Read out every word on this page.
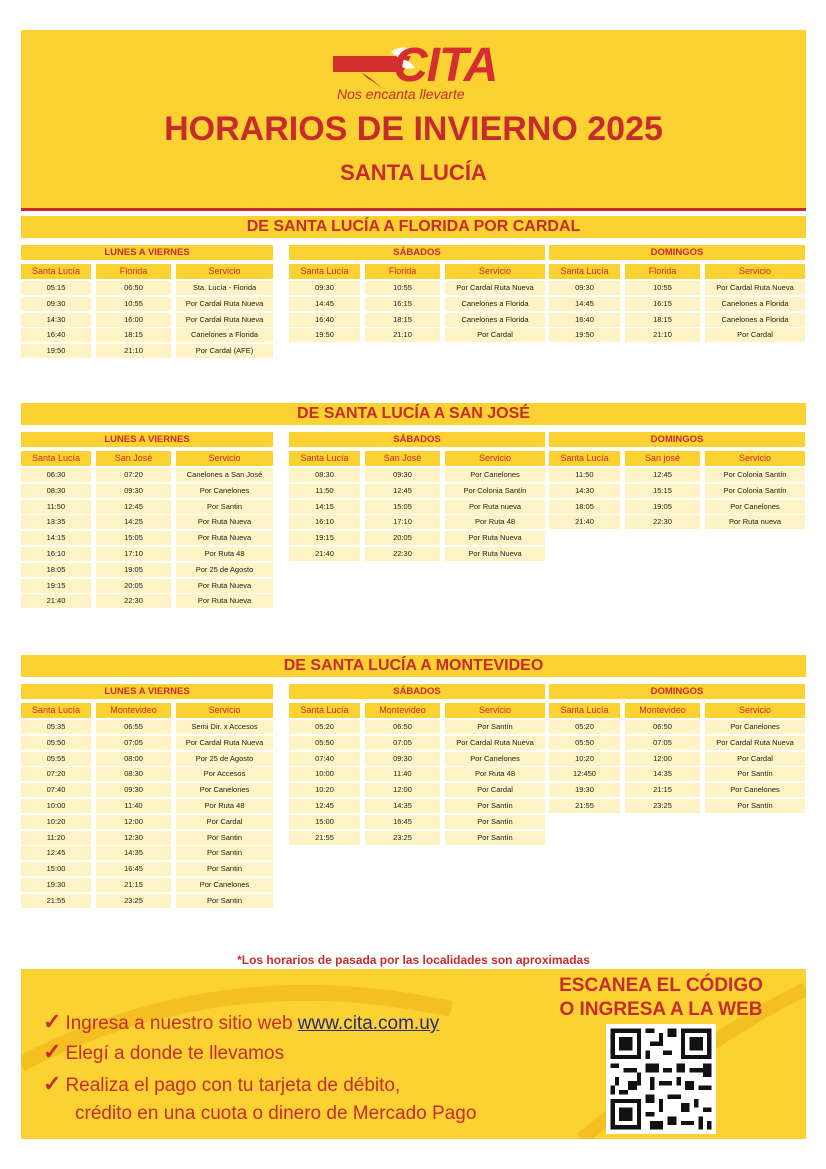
CITA
Nos encanta llevarte
HORARIOS DE INVIERNO 2025
SANTA LUCÍA
DE SANTA LUCÍA A FLORIDA POR CARDAL
LUNES A VIERNES
Santa Lucía	Florida	Servicio
05:15	06:50	Sta. Lucía - Florida
09:30	10:55	Por Cardal Ruta Nueva
14:30	16:00	Por Cardal Ruta Nueva
16:40	18:15	Canelones a Florida
19:50	21:10	Por Cardal (AFE)
SÁBADOS
Santa Lucía	Florida	Servicio
09:30	10:55	Por Cardal Ruta Nueva
14:45	16:15	Canelones a Florida
16:40	18:15	Canelones a Florida
19:50	21:10	Por Cardal
DOMINGOS
Santa Lucía	Florida	Servicio
09:30	10:55	Por Cardal Ruta Nueva
14:45	16:15	Canelones a Florida
16:40	18:15	Canelones a Florida
19:50	21:10	Por Cardal
DE SANTA LUCÍA A SAN JOSÉ
LUNES A VIERNES
Santa Lucía	San José	Servicio
06:30	07:20	Canelones a San José
08:30	09:30	Por Canelones
11:50	12:45	Por Santin
13:35	14:25	Por Ruta Nueva
14:15	15:05	Por Ruta Nueva
16:10	17:10	Por Ruta 48
18:05	19:05	Por 25 de Agosto
19:15	20:05	Por Ruta Nueva
21:40	22:30	Por Ruta Nueva
SÁBADOS
Santa Lucía	San José	Servicio
08:30	09:30	Por Canelones
11:50	12:45	Por Colonia Santín
14:15	15:05	Por Ruta nueva
16:10	17:10	Por Ruta 48
19:15	20:05	Por Ruta Nueva
21:40	22:30	Por Ruta Nueva
DOMINGOS
Santa Lucía	San josé	Servicio
11:50	12:45	Por Colonia Santín
14:30	15:15	Por Colonia Santín
18:05	19:05	Por Canelones
21:40	22:30	Por Ruta nueva
DE SANTA LUCÍA A MONTEVIDEO
LUNES A VIERNES
Santa Lucía	Montevideo	Servicio
05:35	06:55	Semi Dir. x Accesos
05:50	07:05	Por Cardal Ruta Nueva
05:55	08:00	Por 25 de Agosto
07:20	08:30	Por Accesos
07:40	09:30	Por Canelones
10:00	11:40	Por Ruta 48
10:20	12:00	Por Cardal
11:20	12:30	Por Santin
12:45	14:35	Por Santin
15:00	16:45	Por Santin
19:30	21:15	Por Canelones
21:55	23:25	Por Santin
SÁBADOS
Santa Lucía	Montevideo	Servicio
05:20	06:50	Por Santín
05:50	07:05	Por Cardal Ruta Nueva
07:40	09:30	Por Canelones
10:00	11:40	Por Ruta 48
10:20	12:00	Por Cardal
12:45	14:35	Por Santín
15:00	16:45	Por Santín
21:55	23:25	Por Santín
DOMINGOS
Santa Lucía	Montevideo	Servicio
05:20	06:50	Por Canelones
05:50	07:05	Por Cardal Ruta Nueva
10:20	12:00	Por Cardal
12:450	14:35	Por Santín
19:30	21:15	Por Canelones
21:55	23:25	Por Santín
*Los horarios de pasada por las localidades son aproximadas
ESCANEA EL CÓDIGO
O INGRESA A LA WEB
✓ Ingresa a nuestro sitio web www.cita.com.uy
✓ Elegí a donde te llevamos
✓ Realiza el pago con tu tarjeta de débito,
crédito en una cuota o dinero de Mercado Pago
